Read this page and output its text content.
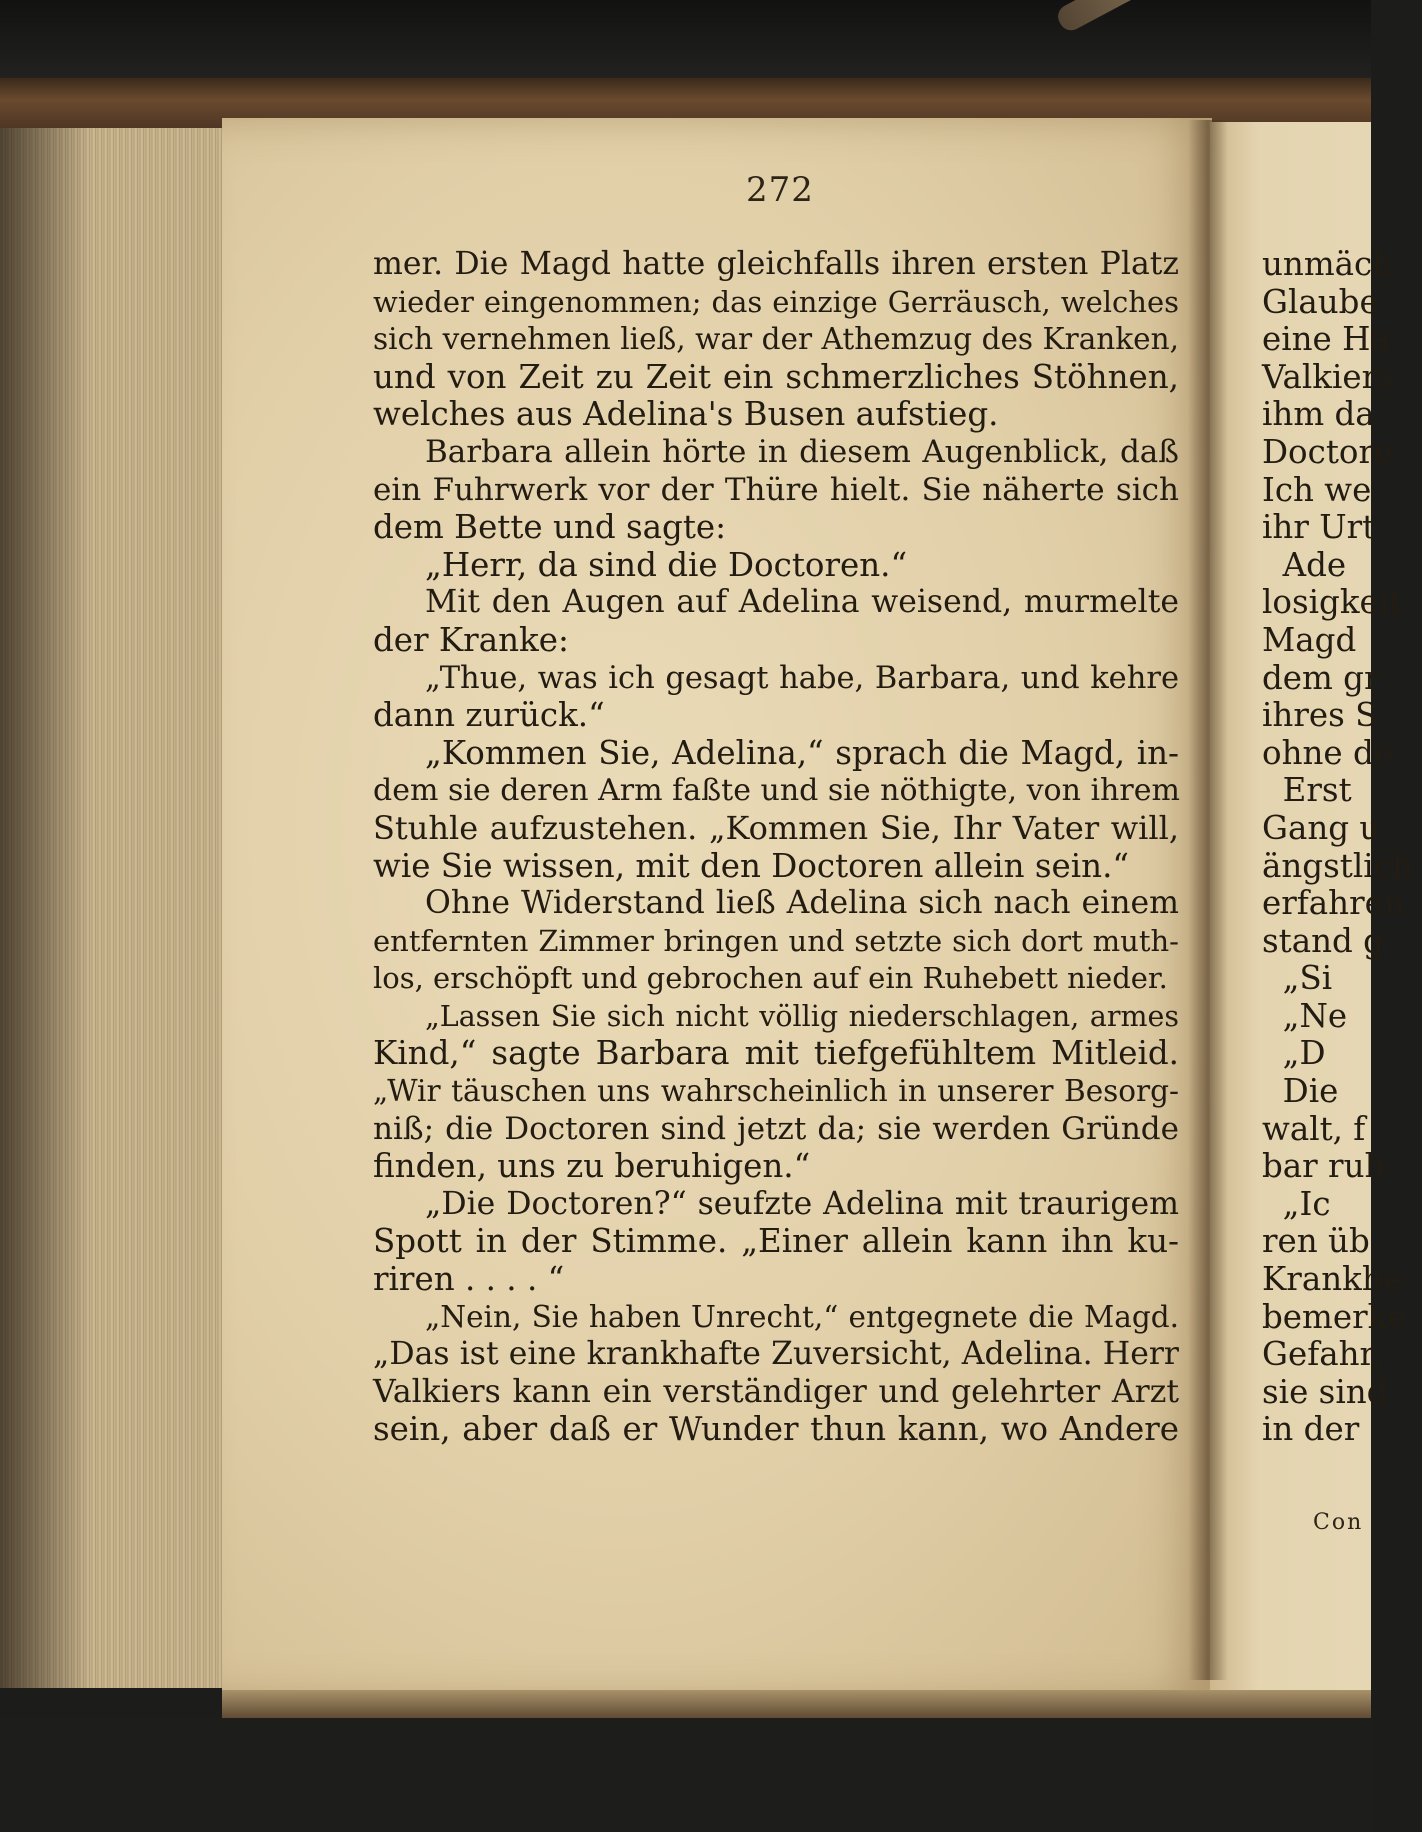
272
mer. Die Magd hatte gleichfalls ihren ersten Platz
wieder eingenommen; das einzige Gerräusch, welches
sich vernehmen ließ, war der Athemzug des Kranken,
und von Zeit zu Zeit ein schmerzliches Stöhnen,
welches aus Adelina's Busen aufstieg.
Barbara allein hörte in diesem Augenblick, daß
ein Fuhrwerk vor der Thüre hielt. Sie näherte sich
dem Bette und sagte:
„Herr, da sind die Doctoren.“
Mit den Augen auf Adelina weisend, murmelte
der Kranke:
„Thue, was ich gesagt habe, Barbara, und kehre
dann zurück.“
„Kommen Sie, Adelina,“ sprach die Magd, in-
dem sie deren Arm faßte und sie nöthigte, von ihrem
Stuhle aufzustehen. „Kommen Sie, Ihr Vater will,
wie Sie wissen, mit den Doctoren allein sein.“
Ohne Widerstand ließ Adelina sich nach einem
entfernten Zimmer bringen und setzte sich dort muth-
los, erschöpft und gebrochen auf ein Ruhebett nieder.
„Lassen Sie sich nicht völlig niederschlagen, armes
Kind,“ sagte Barbara mit tiefgefühltem Mitleid.
„Wir täuschen uns wahrscheinlich in unserer Besorg-
niß; die Doctoren sind jetzt da; sie werden Gründe
finden, uns zu beruhigen.“
„Die Doctoren?“ seufzte Adelina mit traurigem
Spott in der Stimme. „Einer allein kann ihn ku-
riren . . . . “
„Nein, Sie haben Unrecht,“ entgegnete die Magd.
„Das ist eine krankhafte Zuversicht, Adelina. Herr
Valkiers kann ein verständiger und gelehrter Arzt
sein, aber daß er Wunder thun kann, wo Andere
unmäch
Glaube
eine Ha
Valkiers
ihm da
Doctore
Ich we
ihr Urt
Ade
losigkeit
Magd
dem gr
ihres S
ohne de
Erst
Gang u
ängstlich
erfahren
stand g
„Si
„Ne
„D
Die
walt, f
bar ruh
„Ic
ren üb
Krankhe
bemerke
Gefahr,
sie sind
in der
Con
